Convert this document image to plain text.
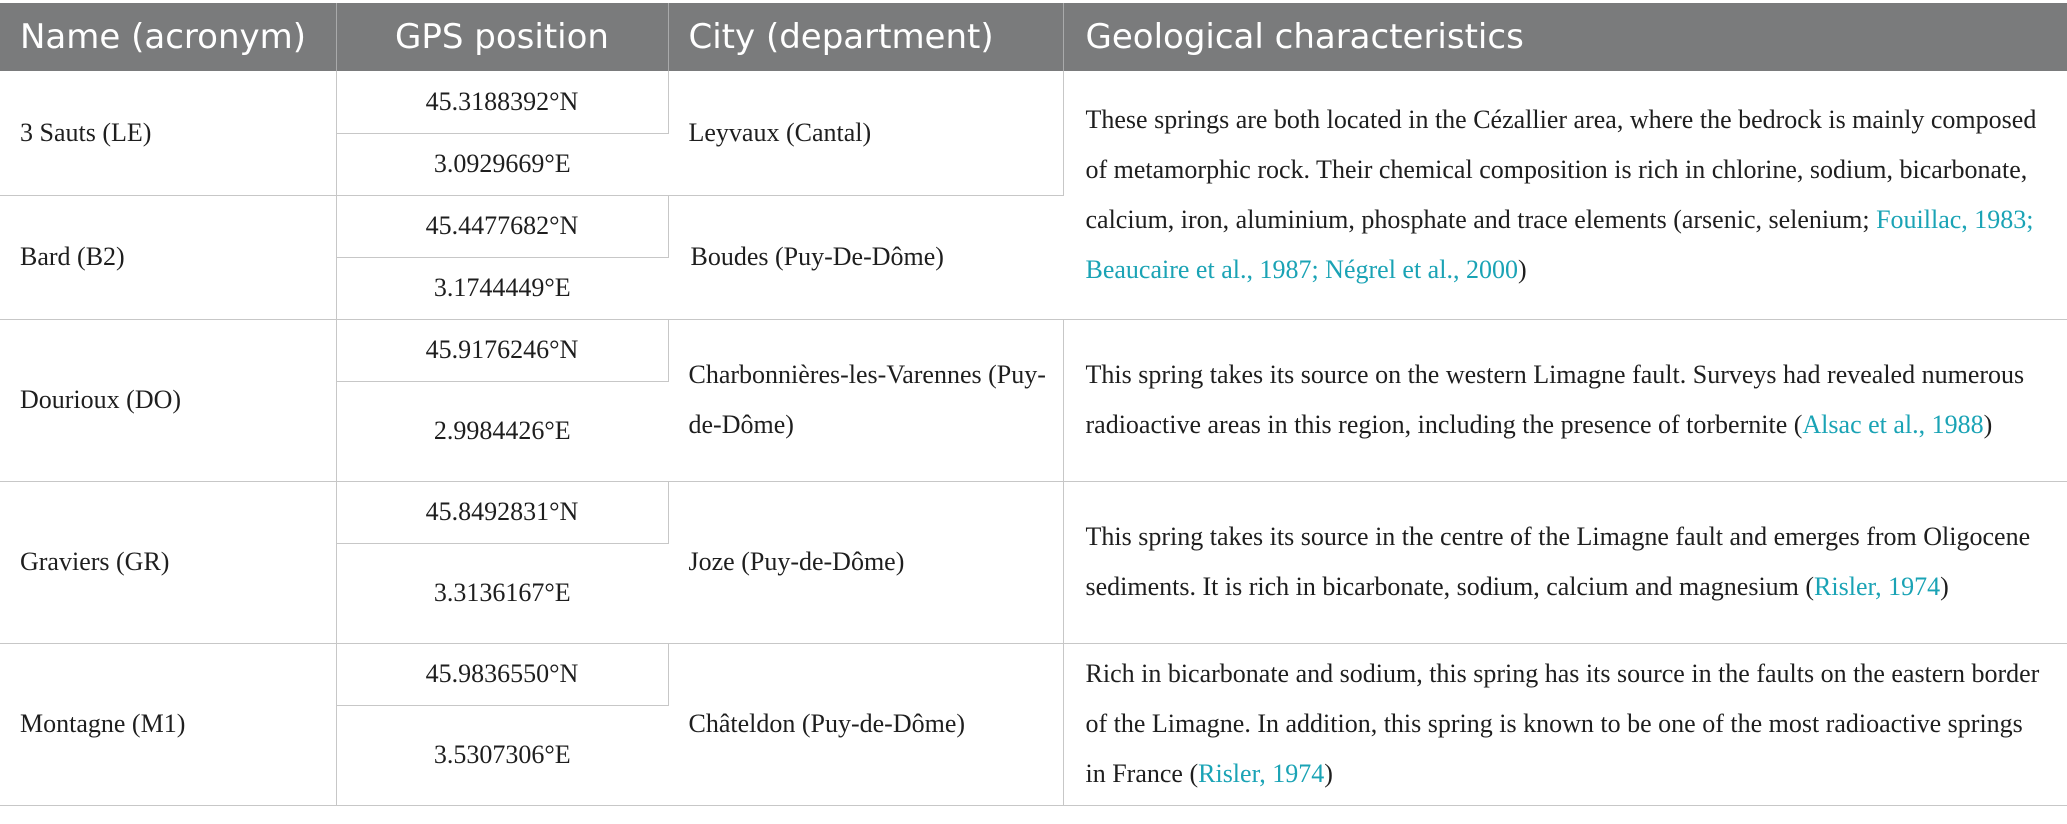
Name (acronym)	GPS position	City (department)	Geological characteristics
3 Sauts (LE)	45.3188392°N	Leyvaux (Cantal)	These springs are both located in the Cézallier area, where the bedrock is mainly composed of metamorphic rock. Their chemical composition is rich in chlorine, sodium, bicarbonate, calcium, iron, aluminium, phosphate and trace elements (arsenic, selenium; Fouillac, 1983; Beaucaire et al., 1987; Négrel et al., 2000)
	3.0929669°E		
Bard (B2)	45.4477682°N	Boudes (Puy-De-Dôme)	
	3.1744449°E		
Dourioux (DO)	45.9176246°N	Charbonnières-les-Varennes (Puy-de-Dôme)	This spring takes its source on the western Limagne fault. Surveys had revealed numerous radioactive areas in this region, including the presence of torbernite (Alsac et al., 1988)
	2.9984426°E		
Graviers (GR)	45.8492831°N	Joze (Puy-de-Dôme)	This spring takes its source in the centre of the Limagne fault and emerges from Oligocene sediments. It is rich in bicarbonate, sodium, calcium and magnesium (Risler, 1974)
	3.3136167°E		
Montagne (M1)	45.9836550°N	Châteldon (Puy-de-Dôme)	Rich in bicarbonate and sodium, this spring has its source in the faults on the eastern border of the Limagne. In addition, this spring is known to be one of the most radioactive springs in France (Risler, 1974)
	3.5307306°E		
